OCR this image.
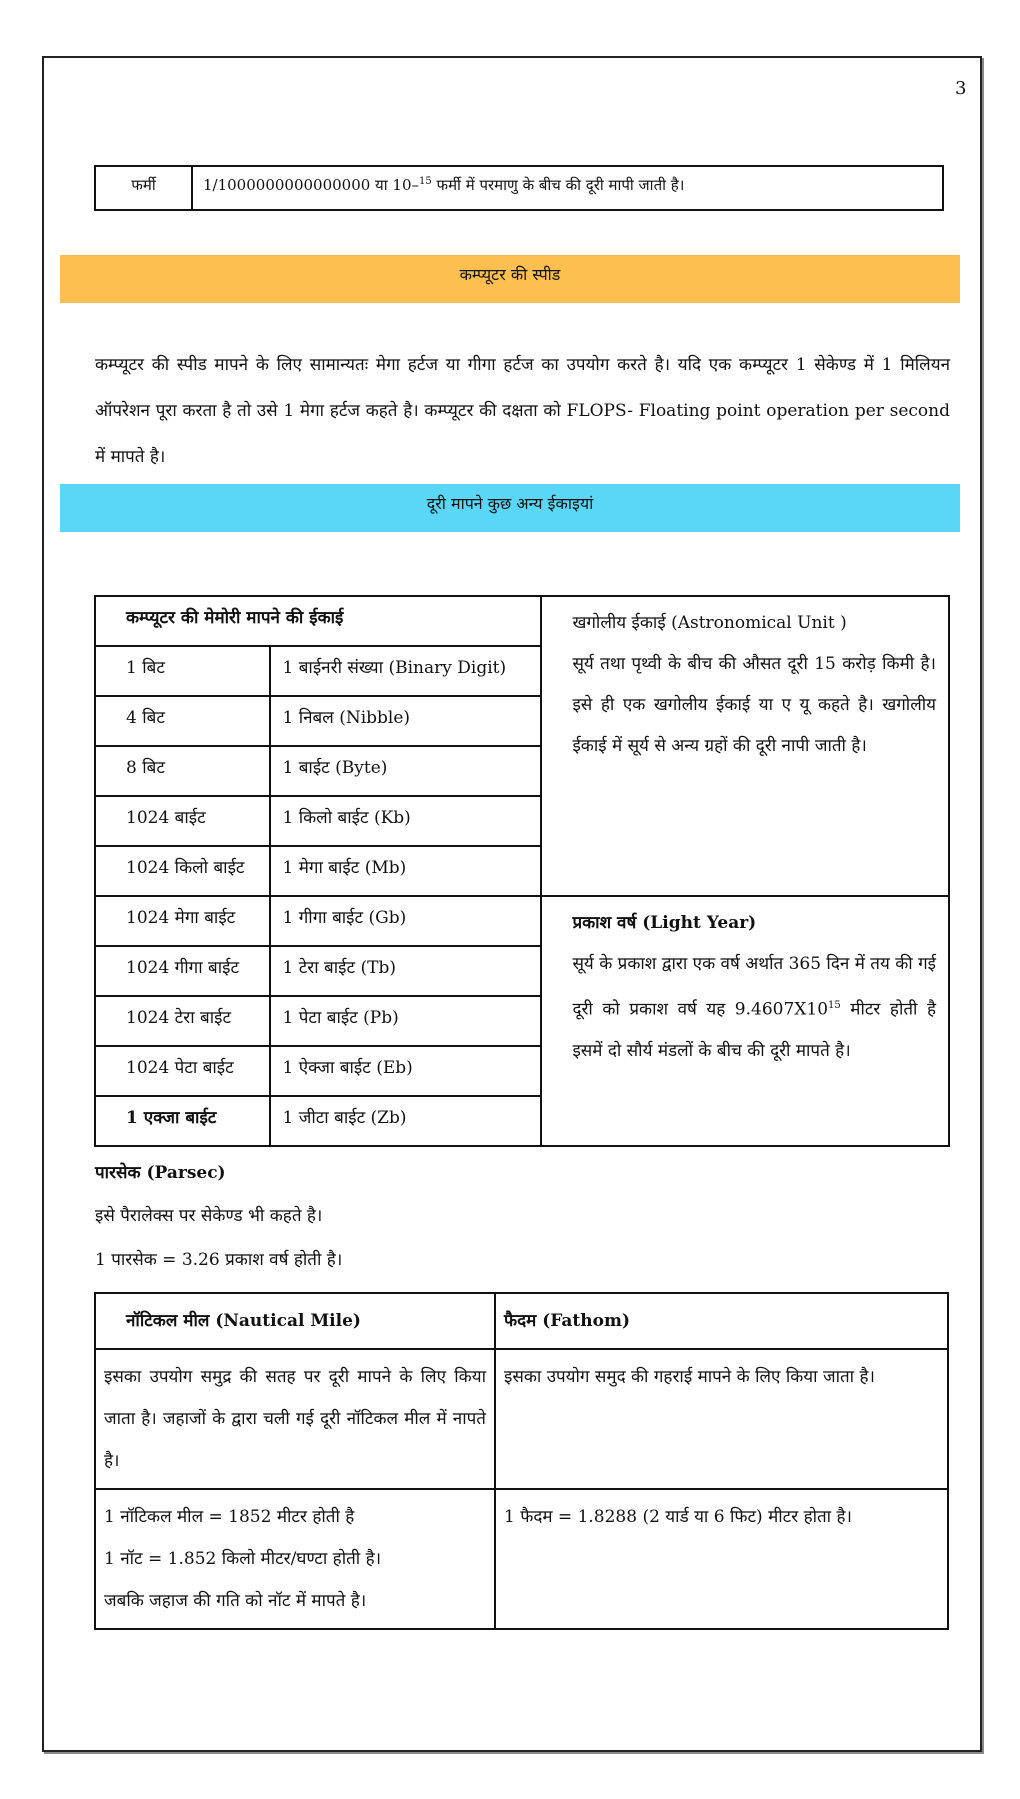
3
फर्मी	1/1000000000000000 या 10–$^{15}$ फर्मी में परमाणु के बीच की दूरी मापी जाती है।
कम्प्यूटर की स्पीड
कम्प्यूटर की स्पीड मापने के लिए सामान्यतः मेगा हर्टज या गीगा हर्टज का उपयोग करते है। यदि एक कम्प्यूटर 1 सेकेण्ड में 1 मिलियन ऑपरेशन पूरा करता है तो उसे 1 मेगा हर्टज कहते है। कम्प्यूटर की दक्षता को FLOPS- Floating point operation per second में मापते है।
दूरी मापने कुछ अन्य ईकाइयां
कम्प्यूटर की मेमोरी मापने की ईकाई		खगोलीय ईकाई (Astronomical Unit )
सूर्य तथा पृथ्वी के बीच की औसत दूरी 15 करोड़ किमी है। इसे ही एक खगोलीय ईकाई या ए यू कहते है। खगोलीय ईकाई में सूर्य से अन्य ग्रहों की दूरी नापी जाती है।

1 बिट	1 बाईनरी संख्या (Binary Digit)	
4 बिट	1 निबल (Nibble)	
8 बिट	1 बाईट (Byte)	
1024 बाईट	1 किलो बाईट (Kb)	
1024 किलो बाईट	1 मेगा बाईट (Mb)	
1024 मेगा बाईट	1 गीगा बाईट (Gb)	प्रकाश वर्ष (Light Year)
सूर्य के प्रकाश द्वारा एक वर्ष अर्थात 365 दिन में तय की गई दूरी को प्रकाश वर्ष यह $9.4607X10^{15}$ मीटर होती है इसमें दो सौर्य मंडलों के बीच की दूरी मापते है।

1024 गीगा बाईट	1 टेरा बाईट (Tb)	
1024 टेरा बाईट	1 पेटा बाईट (Pb)	
1024 पेटा बाईट	1 ऐक्जा बाईट (Eb)	
1 एक्जा बाईट	1 जीटा बाईट (Zb)	
पारसेक (Parsec)
इसे पैरालेक्स पर सेकेण्ड भी कहते है।
1 पारसेक = 3.26 प्रकाश वर्ष होती है।
नॉटिकल मील (Nautical Mile)	फैदम (Fathom)
इसका उपयोग समुद्र की सतह पर दूरी मापने के लिए किया जाता है। जहाजों के द्वारा चली गई दूरी नॉटिकल मील में नापते है।	इसका उपयोग समुद की गहराई मापने के लिए किया जाता है।

1 नॉटिकल मील = 1852 मीटर होती है
1 नॉट = 1.852 किलो मीटर/घण्टा होती है।
जबकि जहाज की गति को नॉट में मापते है।	1 फैदम = 1.8288 (2 यार्ड या 6 फिट) मीटर होता है।
